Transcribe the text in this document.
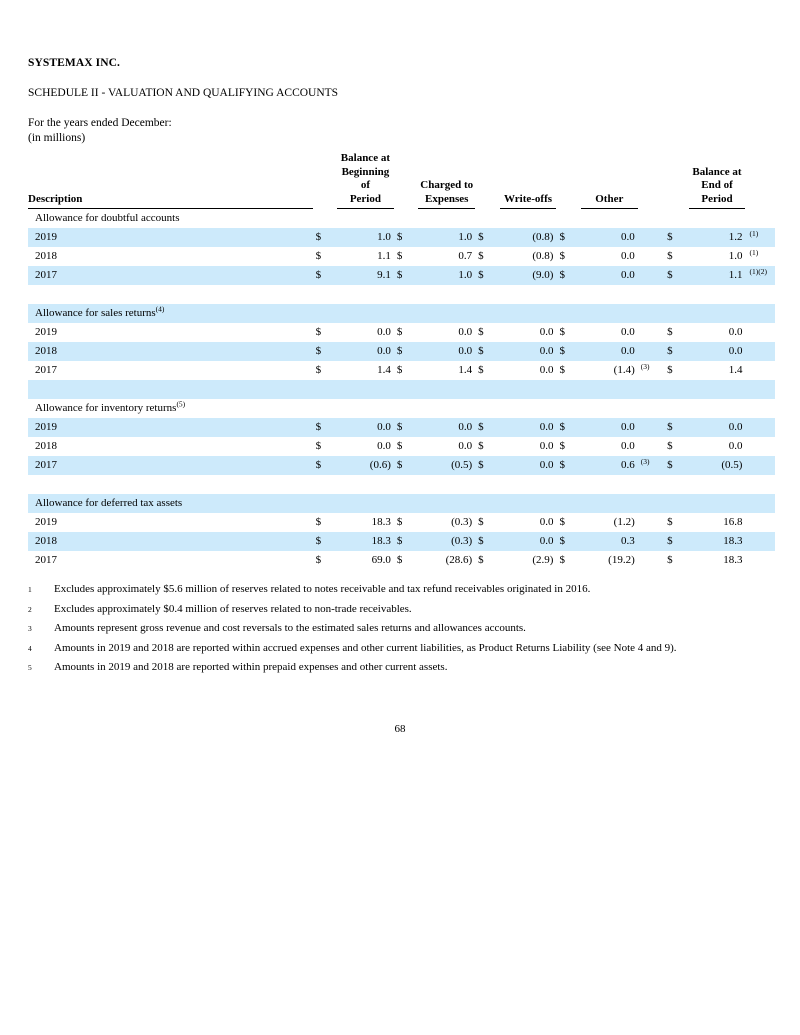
SYSTEMAX INC.
SCHEDULE II - VALUATION AND QUALIFYING ACCOUNTS
For the years ended December:
(in millions)
Description		Balance at
Beginning of
Period		Charged to
Expenses		Write-offs		Other			Balance at
End of
Period	

Allowance for doubtful accounts												
2019	$	1.0	$	1.0	$	(0.8)	$	0.0		$	1.2	(1)
2018	$	1.1	$	0.7	$	(0.8)	$	0.0		$	1.0	(1)
2017	$	9.1	$	1.0	$	(9.0)	$	0.0		$	1.1	(1)(2)

Allowance for sales returns$^{(4)}$												
2019	$	0.0	$	0.0	$	0.0	$	0.0		$	0.0	
2018	$	0.0	$	0.0	$	0.0	$	0.0		$	0.0	
2017	$	1.4	$	1.4	$	0.0	$	(1.4)	(3)	$	1.4	

Allowance for inventory returns$^{(5)}$												
2019	$	0.0	$	0.0	$	0.0	$	0.0		$	0.0	
2018	$	0.0	$	0.0	$	0.0	$	0.0		$	0.0	
2017	$	(0.6)	$	(0.5)	$	0.0	$	0.6	(3)	$	(0.5)	

Allowance for deferred tax assets												
2019	$	18.3	$	(0.3)	$	0.0	$	(1.2)		$	16.8	
2018	$	18.3	$	(0.3)	$	0.0	$	0.3		$	18.3	
2017	$	69.0	$	(28.6)	$	(2.9)	$	(19.2)		$	18.3	
1	Excludes approximately $5.6 million of reserves related to notes receivable and tax refund receivables originated in 2016.
2	Excludes approximately $0.4 million of reserves related to non-trade receivables.
3	Amounts represent gross revenue and cost reversals to the estimated sales returns and allowances accounts.
4	Amounts in 2019 and 2018 are reported within accrued expenses and other current liabilities, as Product Returns Liability (see Note 4 and 9).
5	Amounts in 2019 and 2018 are reported within prepaid expenses and other current assets.
68
